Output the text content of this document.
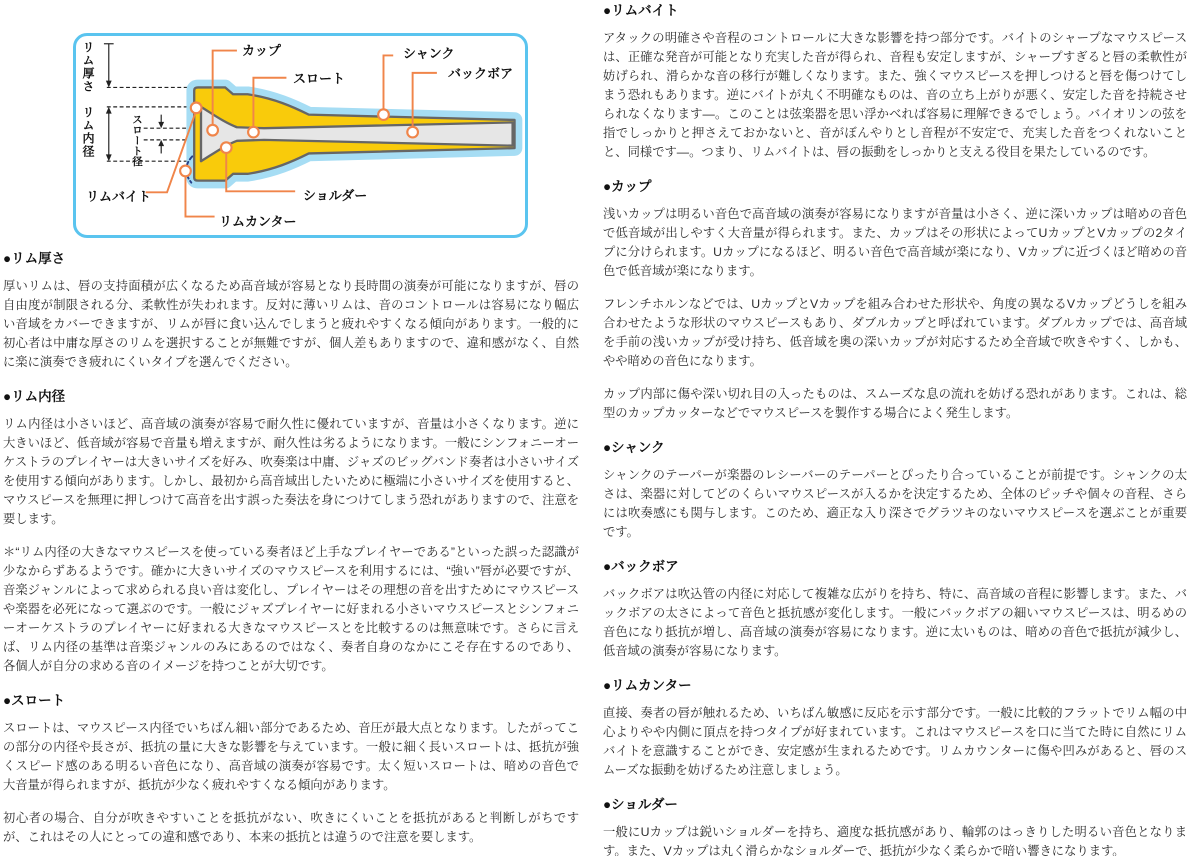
カップ
スロート
シャンク
バックボア
リムバイト
リムカンター
ショルダー
リム厚さ
リム内径	スロート径
●リム厚さ

厚いリムは、唇の支持面積が広くなるため高音域が容易となり長時間の演奏が可能になりますが、唇の自由度が制限される分、柔軟性が失われます。反対に薄いリムは、音のコントロールは容易になり幅広い音域をカバーできますが、リムが唇に食い込んでしまうと疲れやすくなる傾向があります。一般的に初心者は中庸な厚さのリムを選択することが無難ですが、個人差もありますので、違和感がなく、自然に楽に演奏でき疲れにくいタイプを選んでください。

●リム内径

リム内径は小さいほど、高音域の演奏が容易で耐久性に優れていますが、音量は小さくなります。逆に大きいほど、低音域が容易で音量も増えますが、耐久性は劣るようになります。一般にシンフォニーオーケストラのプレイヤーは大きいサイズを好み、吹奏楽は中庸、ジャズのビッグバンド奏者は小さいサイズを使用する傾向があります。しかし、最初から高音域出したいために極端に小さいサイズを使用すると、マウスピースを無理に押しつけて高音を出す誤った奏法を身につけてしまう恐れがありますので、注意を要します。

＊“リム内径の大きなマウスピースを使っている奏者ほど上手なプレイヤーである”といった誤った認識が少なからずあるようです。確かに大きいサイズのマウスピースを利用するには、“強い”唇が必要ですが、音楽ジャンルによって求められる良い音は変化し、プレイヤーはその理想の音を出すためにマウスピースや楽器を必死になって選ぶのです。一般にジャズプレイヤーに好まれる小さいマウスピースとシンフォニーオーケストラのプレイヤーに好まれる大きなマウスピースとを比較するのは無意味です。さらに言えば、リム内径の基準は音楽ジャンルのみにあるのではなく、奏者自身のなかにこそ存在するのであり、各個人が自分の求める音のイメージを持つことが大切です。

●スロート

スロートは、マウスピース内径でいちばん細い部分であるため、音圧が最大点となります。したがってこの部分の内径や長さが、抵抗の量に大きな影響を与えています。一般に細く長いスロートは、抵抗が強くスピード感のある明るい音色になり、高音域の演奏が容易です。太く短いスロートは、暗めの音色で大音量が得られますが、抵抗が少なく疲れやすくなる傾向があります。

初心者の場合、自分が吹きやすいことを抵抗がない、吹きにくいことを抵抗があると判断しがちですが、これはその人にとっての違和感であり、本来の抵抗とは違うので注意を要します。

●リムバイト

アタックの明確さや音程のコントロールに大きな影響を持つ部分です。バイトのシャープなマウスピースは、正確な発音が可能となり充実した音が得られ、音程も安定しますが、シャープすぎると唇の柔軟性が妨げられ、滑らかな音の移行が難しくなります。また、強くマウスピースを押しつけると唇を傷つけてしまう恐れもあります。逆にバイトが丸く不明確なものは、音の立ち上がりが悪く、安定した音を持続させられなくなります―。このことは弦楽器を思い浮かべれば容易に理解できるでしょう。バイオリンの弦を指でしっかりと押さえておかないと、音がぼんやりとし音程が不安定で、充実した音をつくれないことと、同様です―。つまり、リムバイトは、唇の振動をしっかりと支える役目を果たしているのです。

●カップ

浅いカップは明るい音色で高音域の演奏が容易になりますが音量は小さく、逆に深いカップは暗めの音色で低音域が出しやすく大音量が得られます。また、カップはその形状によってUカップとVカップの2タイプに分けられます。Uカップになるほど、明るい音色で高音域が楽になり、Vカップに近づくほど暗めの音色で低音域が楽になります。

フレンチホルンなどでは、UカップとVカップを組み合わせた形状や、角度の異なるVカップどうしを組み合わせたような形状のマウスピースもあり、ダブルカップと呼ばれています。ダブルカップでは、高音域を手前の浅いカップが受け持ち、低音域を奥の深いカップが対応するため全音域で吹きやすく、しかも、やや暗めの音色になります。

カップ内部に傷や深い切れ目の入ったものは、スムーズな息の流れを妨げる恐れがあります。これは、総型のカップカッターなどでマウスピースを製作する場合によく発生します。

●シャンク

シャンクのテーパーが楽器のレシーバーのテーパーとぴったり合っていることが前提です。シャンクの太さは、楽器に対してどのくらいマウスピースが入るかを決定するため、全体のピッチや個々の音程、さらには吹奏感にも関与します。このため、適正な入り深さでグラツキのないマウスピースを選ぶことが重要です。

●バックボア

バックボアは吹込管の内径に対応して複雑な広がりを持ち、特に、高音域の音程に影響します。また、バックボアの太さによって音色と抵抗感が変化します。一般にバックボアの細いマウスピースは、明るめの音色になり抵抗が増し、高音域の演奏が容易になります。逆に太いものは、暗めの音色で抵抗が減少し、低音域の演奏が容易になります。

●リムカンター

直接、奏者の唇が触れるため、いちばん敏感に反応を示す部分です。一般に比較的フラットでリム幅の中心よりやや内側に頂点を持つタイプが好まれています。これはマウスピースを口に当てた時に自然にリムバイトを意識することができ、安定感が生まれるためです。リムカウンターに傷や凹みがあると、唇のスムーズな振動を妨げるため注意しましょう。

●ショルダー

一般にUカップは鋭いショルダーを持ち、適度な抵抗感があり、輪郭のはっきりした明るい音色となります。また、Vカップは丸く滑らかなショルダーで、抵抗が少なく柔らかで暗い響きになります。
